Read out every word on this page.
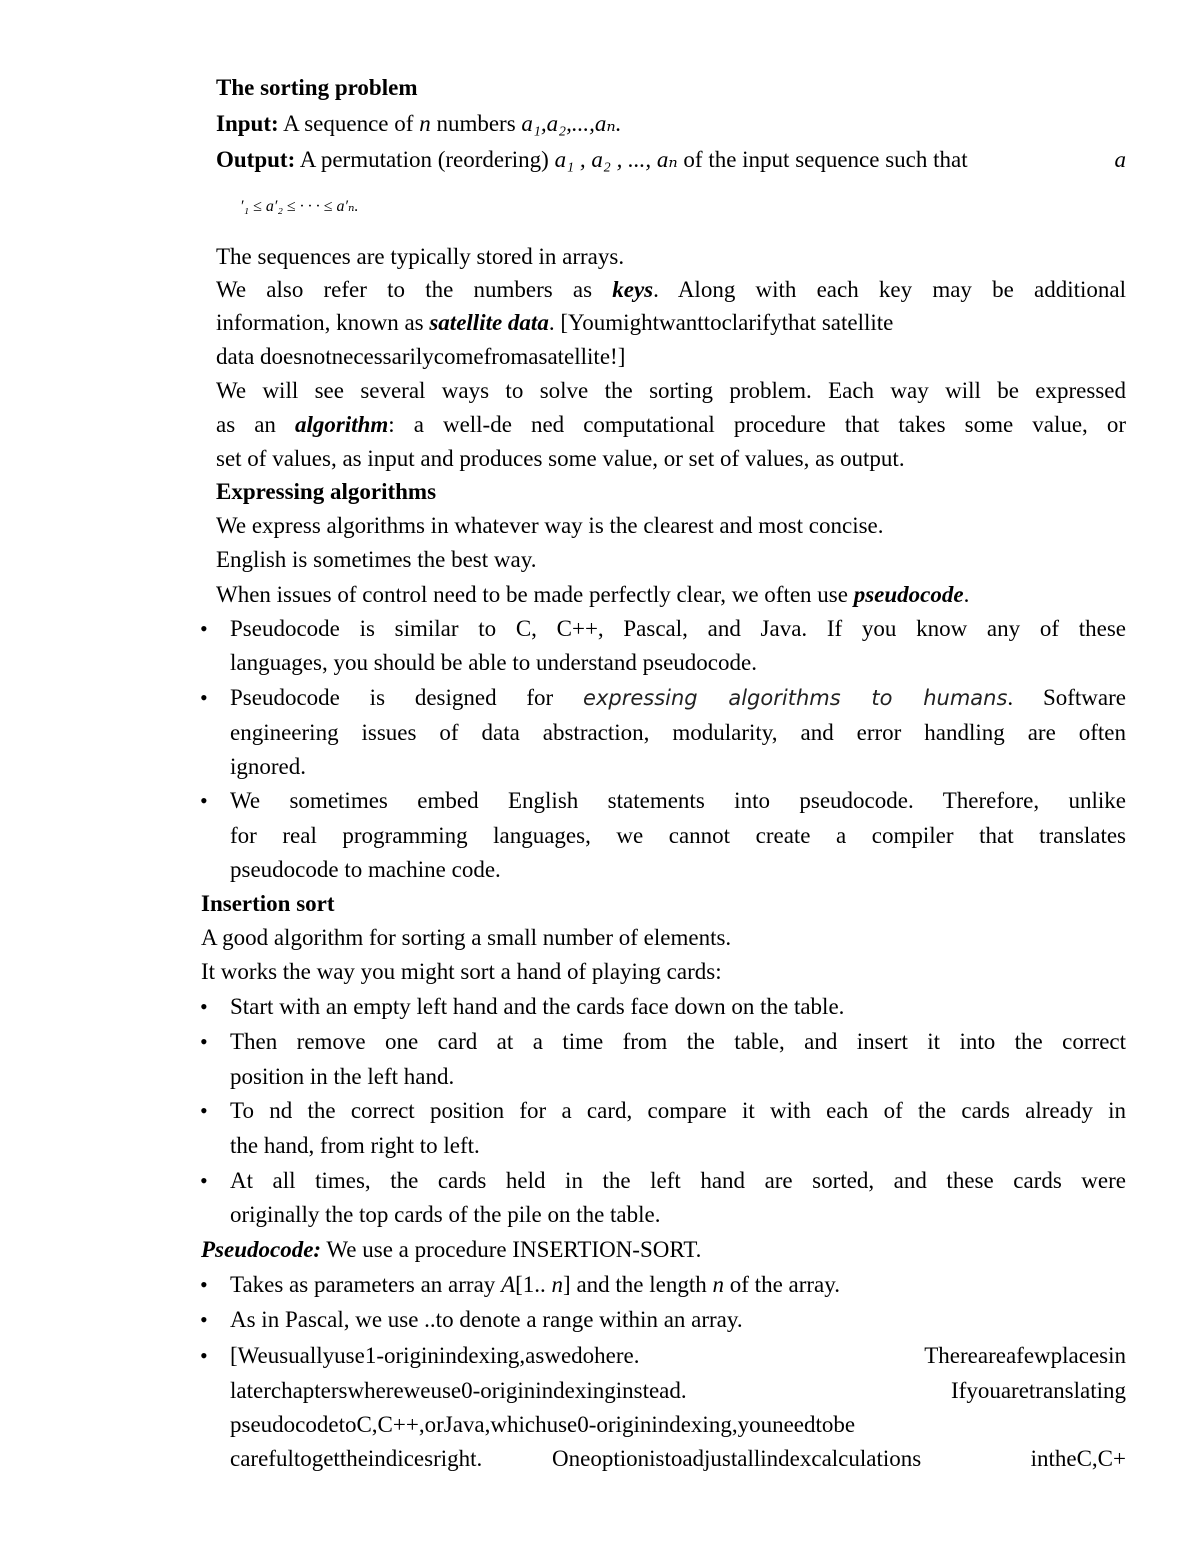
The sorting problem
Input: A sequence of n numbers a₁,a₂,...,aₙ.
Output: A permutation (reordering) a₁ , a₂ , ..., aₙ of the input sequence such that	a
′₁ ≤ a′₂ ≤ · · · ≤ a′ₙ.
The sequences are typically stored in arrays.
We also refer to the numbers as keys. Along with each key may be additional
information, known as satellite data. [Youmightwanttoclarifythat satellite
data doesnotnecessarilycomefromasatellite!]
We will see several ways to solve the sorting problem. Each way will be expressed
as an algorithm: a well-de ned computational procedure that takes some value, or
set of values, as input and produces some value, or set of values, as output.
Expressing algorithms
We express algorithms in whatever way is the clearest and most concise.
English is sometimes the best way.
When issues of control need to be made perfectly clear, we often use pseudocode.
• Pseudocode is similar to C, C++, Pascal, and Java. If you know any of these
languages, you should be able to understand pseudocode.
• Pseudocode is designed for expressing algorithms to humans. Software
engineering issues of data abstraction, modularity, and error handling are often
ignored.
• We sometimes embed English statements into pseudocode. Therefore, unlike
for real programming languages, we cannot create a compiler that translates
pseudocode to machine code.
Insertion sort
A good algorithm for sorting a small number of elements.
It works the way you might sort a hand of playing cards:
• Start with an empty left hand and the cards face down on the table.
• Then remove one card at a time from the table, and insert it into the correct
position in the left hand.
• To nd the correct position for a card, compare it with each of the cards already in
the hand, from right to left.
• At all times, the cards held in the left hand are sorted, and these cards were
originally the top cards of the pile on the table.
Pseudocode: We use a procedure INSERTION-SORT.
• Takes as parameters an array A[1.. n] and the length n of the array.
• As in Pascal, we use ..to denote a range within an array.
• [Weusuallyuse1-originindexing,aswedohere.	Thereareafewplacesin
laterchapterswhereweuse0-originindexinginstead.	Ifyouaretranslating
pseudocodetoC,C++,orJava,whichuse0-originindexing,youneedtobe
carefultogettheindicesright.	Oneoptionistoadjustallindexcalculations	intheC,C+
